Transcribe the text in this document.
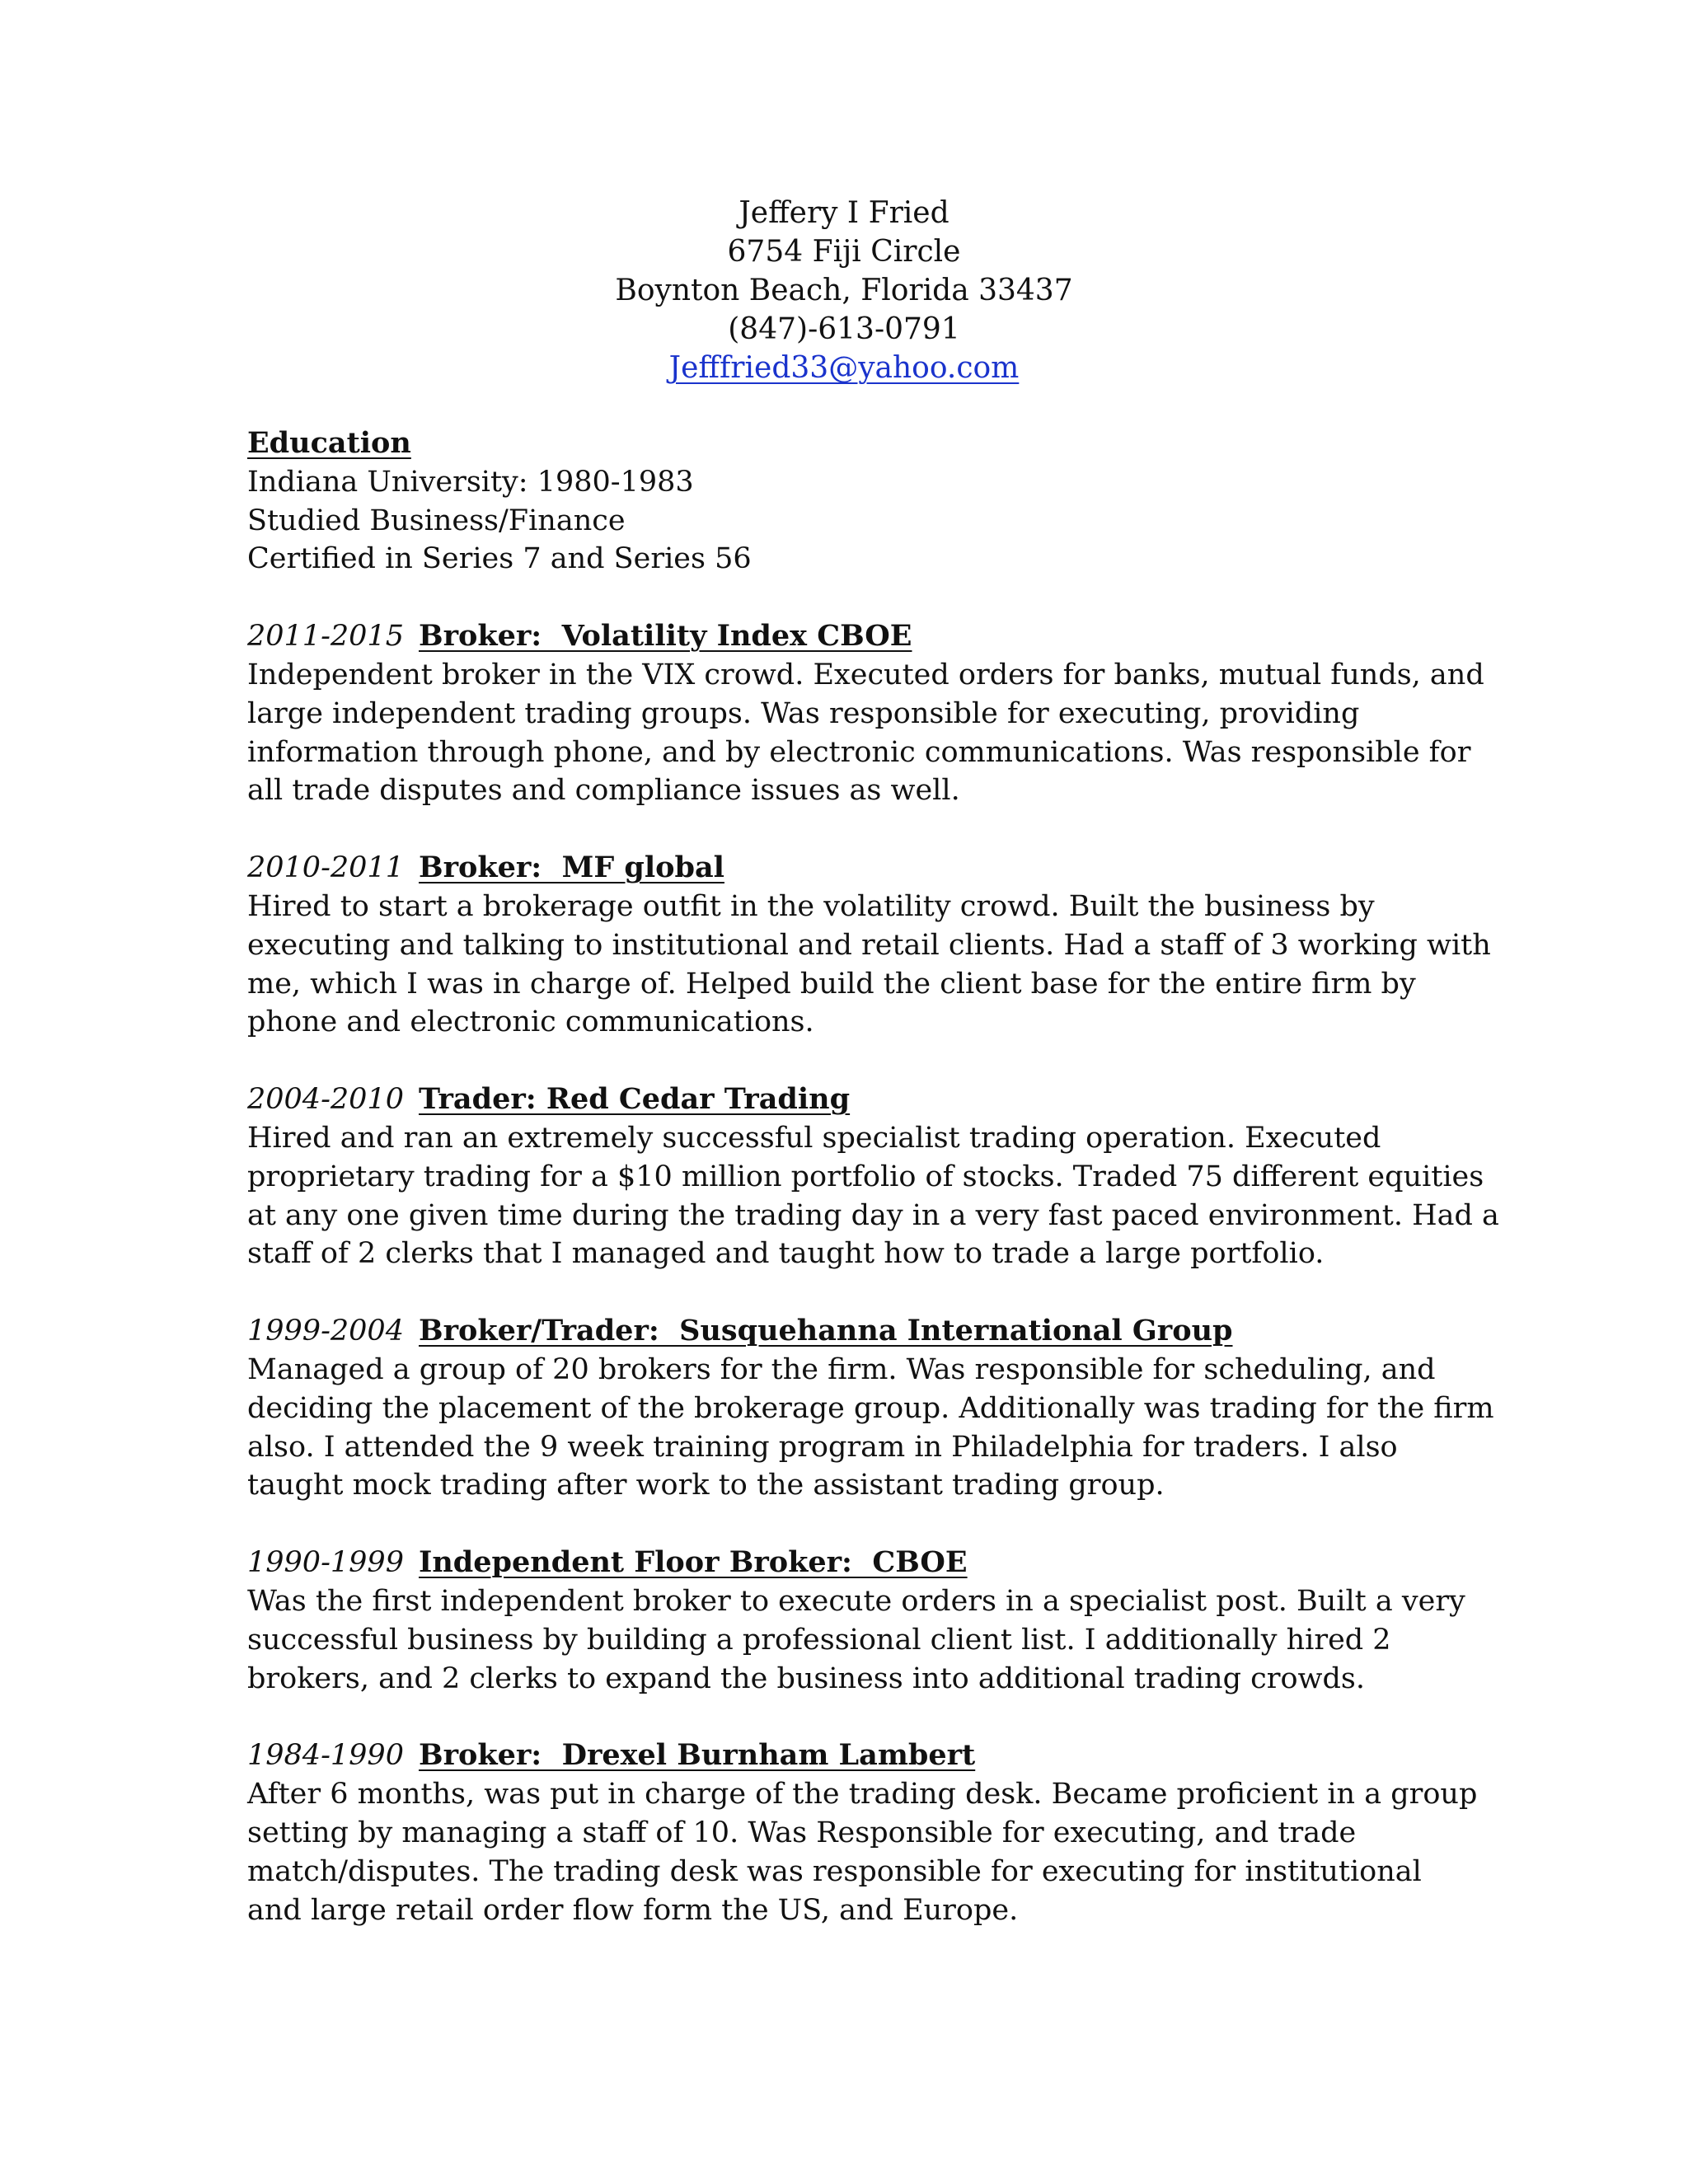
Jeffery I Fried
6754 Fiji Circle
Boynton Beach, Florida 33437
(847)-613-0791
Jefffried33@yahoo.com
Education
Indiana University: 1980-1983
Studied Business/Finance
Certified in Series 7 and Series 56
2011-2015 Broker:  Volatility Index CBOE
Independent broker in the VIX crowd. Executed orders for banks, mutual funds, and
large independent trading groups. Was responsible for executing, providing
information through phone, and by electronic communications. Was responsible for
all trade disputes and compliance issues as well.
2010-2011 Broker:  MF global
Hired to start a brokerage outfit in the volatility crowd. Built the business by
executing and talking to institutional and retail clients. Had a staff of 3 working with
me, which I was in charge of. Helped build the client base for the entire firm by
phone and electronic communications.
2004-2010 Trader: Red Cedar Trading
Hired and ran an extremely successful specialist trading operation. Executed
proprietary trading for a $10 million portfolio of stocks. Traded 75 different equities
at any one given time during the trading day in a very fast paced environment. Had a
staff of 2 clerks that I managed and taught how to trade a large portfolio.
1999-2004 Broker/Trader:  Susquehanna International Group
Managed a group of 20 brokers for the firm. Was responsible for scheduling, and
deciding the placement of the brokerage group. Additionally was trading for the firm
also. I attended the 9 week training program in Philadelphia for traders. I also
taught mock trading after work to the assistant trading group.
1990-1999 Independent Floor Broker:  CBOE
Was the first independent broker to execute orders in a specialist post. Built a very
successful business by building a professional client list. I additionally hired 2
brokers, and 2 clerks to expand the business into additional trading crowds.
1984-1990 Broker:  Drexel Burnham Lambert
After 6 months, was put in charge of the trading desk. Became proficient in a group
setting by managing a staff of 10. Was Responsible for executing, and trade
match/disputes. The trading desk was responsible for executing for institutional
and large retail order flow form the US, and Europe.
